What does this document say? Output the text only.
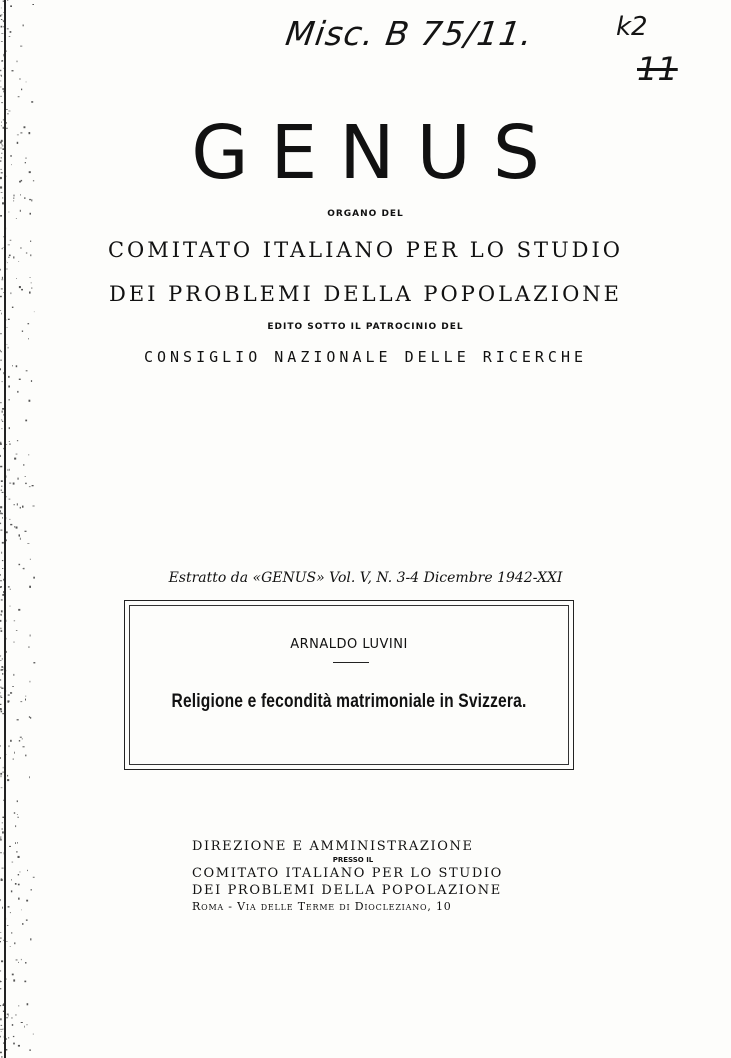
Misc. B 75/11.	k2
11
GENUS
ORGANO DEL
COMITATO ITALIANO PER LO STUDIO
DEI PROBLEMI DELLA POPOLAZIONE
EDITO SOTTO IL PATROCINIO DEL
CONSIGLIO NAZIONALE DELLE RICERCHE
Estratto da «GENUS» Vol. V, N. 3-4 Dicembre 1942-XXI
ARNALDO LUVINI
Religione e fecondità matrimoniale in Svizzera.
DIREZIONE E AMMINISTRAZIONE
PRESSO IL
COMITATO ITALIANO PER LO STUDIO
DEI PROBLEMI DELLA POPOLAZIONE
Roma - Via delle Terme di Diocleziano, 10
